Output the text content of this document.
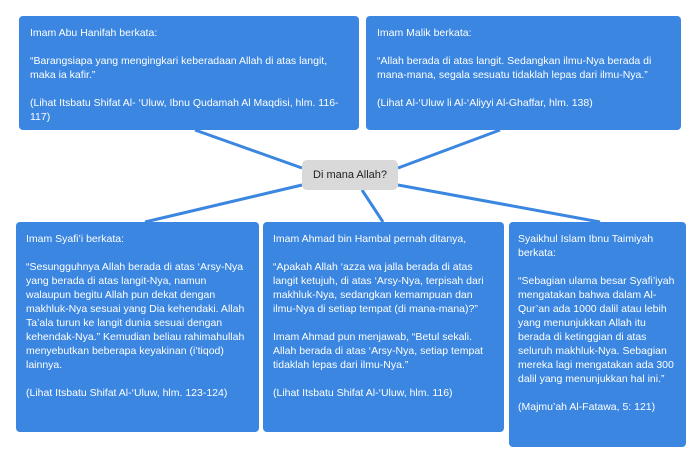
Imam Abu Hanifah berkata:

“Barangsiapa yang mengingkari keberadaan Allah di atas langit, maka ia kafir.”

(Lihat Itsbatu Shifat Al- ‘Uluw, Ibnu Qudamah Al Maqdisi, hlm. 116-117)

Imam Malik berkata:

“Allah berada di atas langit. Sedangkan ilmu-Nya berada di mana-mana, segala sesuatu tidaklah lepas dari ilmu-Nya.”

(Lihat Al-‘Uluw li Al-‘Aliyyi Al-Ghaffar, hlm. 138)

Di mana Allah?

Imam Syafi’i berkata:

“Sesungguhnya Allah berada di atas ‘Arsy-Nya yang berada di atas langit-Nya, namun walaupun begitu Allah pun dekat dengan makhluk-Nya sesuai yang Dia kehendaki. Allah Ta’ala turun ke langit dunia sesuai dengan kehendak-Nya.” Kemudian beliau rahimahullah menyebutkan beberapa keyakinan (i’tiqod) lainnya.

(Lihat Itsbatu Shifat Al-‘Uluw, hlm. 123-124)

Imam Ahmad bin Hambal pernah ditanya,

“Apakah Allah ‘azza wa jalla berada di atas langit ketujuh, di atas ‘Arsy-Nya, terpisah dari makhluk-Nya, sedangkan kemampuan dan ilmu-Nya di setiap tempat (di mana-mana)?”

Imam Ahmad pun menjawab, “Betul sekali. Allah berada di atas ‘Arsy-Nya, setiap tempat tidaklah lepas dari ilmu-Nya.”

(Lihat Itsbatu Shifat Al-‘Uluw, hlm. 116)

Syaikhul Islam Ibnu Taimiyah berkata:

“Sebagian ulama besar Syafi’iyah mengatakan bahwa dalam Al-Qur’an ada 1000 dalil atau lebih yang menunjukkan Allah itu berada di ketinggian di atas seluruh makhluk-Nya. Sebagian mereka lagi mengatakan ada 300 dalil yang menunjukkan hal ini.”

(Majmu’ah Al-Fatawa, 5: 121)
